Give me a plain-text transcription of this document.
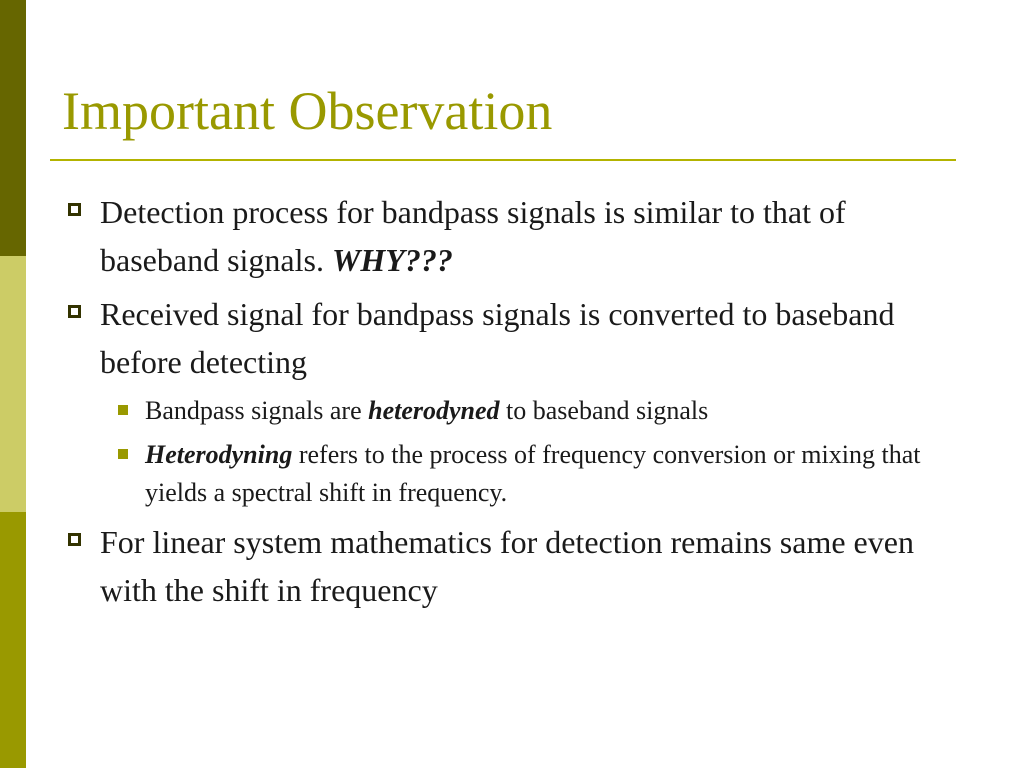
Important Observation
Detection process for bandpass signals is similar to that of baseband signals. WHY???
Received signal for bandpass signals is converted to baseband before detecting
Bandpass signals are heterodyned to baseband signals
Heterodyning refers to the process of frequency conversion or mixing that yields a spectral shift in frequency.
For linear system mathematics for detection remains same even with the shift in frequency
